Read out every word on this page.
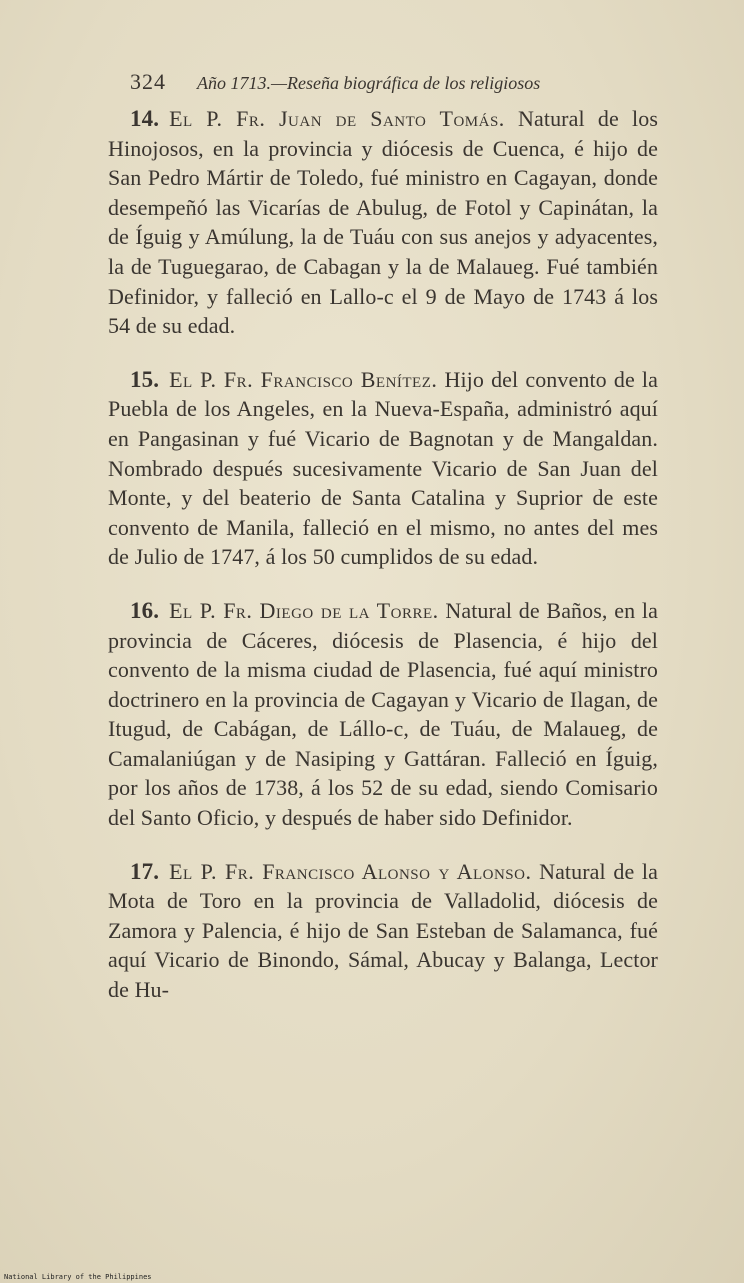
324 Año 1713.—Reseña biográfica de los religiosos

14. El P. Fr. Juan de Santo Tomás. Natural de los Hinojosos, en la provincia y diócesis de Cuenca, é hijo de San Pedro Mártir de Toledo, fué ministro en Cagayan, donde desempeñó las Vicarías de Abulug, de Fotol y Capinátan, la de Íguig y Amúlung, la de Tuáu con sus anejos y adyacentes, la de Tuguegarao, de Cabagan y la de Malaueg. Fué también Definidor, y falleció en Lallo-c el 9 de Mayo de 1743 á los 54 de su edad.

15. El P. Fr. Francisco Benítez. Hijo del convento de la Puebla de los Angeles, en la Nueva-España, administró aquí en Pangasinan y fué Vicario de Bagnotan y de Mangaldan. Nombrado después sucesivamente Vicario de San Juan del Monte, y del beaterio de Santa Catalina y Suprior de este convento de Manila, falleció en el mismo, no antes del mes de Julio de 1747, á los 50 cumplidos de su edad.

16. El P. Fr. Diego de la Torre. Natural de Baños, en la provincia de Cáceres, diócesis de Plasencia, é hijo del convento de la misma ciudad de Plasencia, fué aquí ministro doctrinero en la provincia de Cagayan y Vicario de Ilagan, de Itugud, de Cabágan, de Lállo-c, de Tuáu, de Malaueg, de Camalaniúgan y de Nasiping y Gattáran. Falleció en Íguig, por los años de 1738, á los 52 de su edad, siendo Comisario del Santo Oficio, y después de haber sido Definidor.

17. El P. Fr. Francisco Alonso y Alonso. Natural de la Mota de Toro en la provincia de Valladolid, diócesis de Zamora y Palencia, é hijo de San Esteban de Salamanca, fué aquí Vicario de Binondo, Sámal, Abucay y Balanga, Lector de Hu-

National Library of the Philippines
